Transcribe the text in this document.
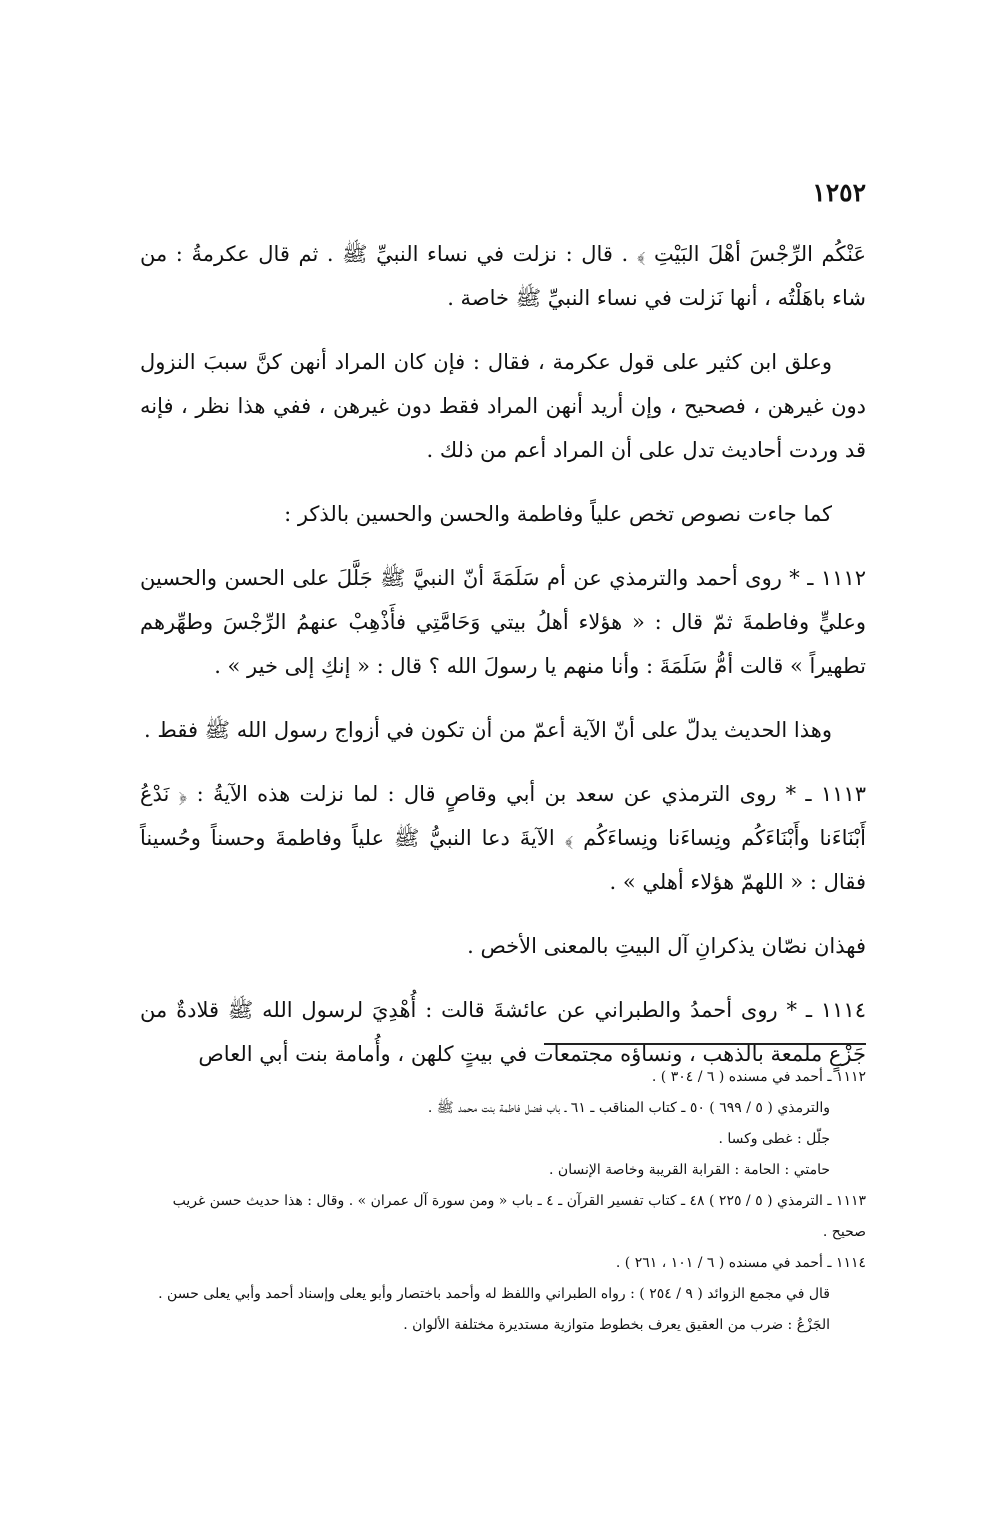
١٢٥٢

عَنْكُم الرِّجْسَ أهْلَ البَيْتِ ﴾ . قال : نزلت في نساء النبيِّ ﷺ . ثم قال عكرمةُ : من شاء باهَلْتُه ، أنها نَزلت في نساء النبيِّ ﷺ خاصة .

وعلق ابن كثير على قول عكرمة ، فقال : فإن كان المراد أنهن كنَّ سببَ النزول دون غيرهن ، فصحيح ، وإن أريد أنهن المراد فقط دون غيرهن ، ففي هذا نظر ، فإنه قد وردت أحاديث تدل على أن المراد أعم من ذلك .

كما جاءت نصوص تخص علياً وفاطمة والحسن والحسين بالذكر :

١١١٢ ـ * روى أحمد والترمذي عن أم سَلَمَةَ أنّ النبيَّ ﷺ جَلَّلَ على الحسن والحسين وعليٍّ وفاطمةَ ثمّ قال : « هؤلاء أهلُ بيتي وَحَامَّتِي فأَذْهِبْ عنهمُ الرِّجْسَ وطهِّرهم تطهيراً » قالت أمُّ سَلَمَةَ : وأنا منهم يا رسولَ الله ؟ قال : « إنكِ إلى خير » .

وهذا الحديث يدلّ على أنّ الآية أعمّ من أن تكون في أزواج رسول الله ﷺ فقط .

١١١٣ ـ * روى الترمذي عن سعد بن أبي وقاصٍ قال : لما نزلت هذه الآيةُ : ﴿ نَدْعُ أَبْنَاءَنا وأَبْنَاءَكُم ونِساءَنا ونِساءَكُم ﴾ الآيةَ دعا النبيُّ ﷺ علياً وفاطمةَ وحسناً وحُسيناً فقال : « اللهمّ هؤلاء أهلي » .

فهذان نصّان يذكرانِ آل البيتِ بالمعنى الأخص .

١١١٤ ـ * روى أحمدُ والطبراني عن عائشةَ قالت : أُهْدِيَ لرسول الله ﷺ قلادةٌ من جَزْعٍ ملمعة بالذهب ، ونساؤه مجتمعات في بيتٍ كلهن ، وأُمامة بنت أبي العاص

١١١٢ ـ أحمد في مسنده ( ٦ / ٣٠٤ ) .

والترمذي ( ٥ / ٦٩٩ ) ٥٠ ـ كتاب المناقب ـ ٦١ ـ باب فضل فاطمة بنت محمد ﷺ .

جلّل : غطى وكسا .

حامتي : الحامة : القرابة القريبة وخاصة الإنسان .

١١١٣ ـ الترمذي ( ٥ / ٢٢٥ ) ٤٨ ـ كتاب تفسير القرآن ـ ٤ ـ باب « ومن سورة آل عمران » . وقال : هذا حديث حسن غريب صحيح .

١١١٤ ـ أحمد في مسنده ( ٦ / ١٠١ ، ٢٦١ ) .

قال في مجمع الزوائد ( ٩ / ٢٥٤ ) : رواه الطبراني واللفظ له وأحمد باختصار وأبو يعلى وإسناد أحمد وأبي يعلى حسن .

الجَزْعُ : ضرب من العقيق يعرف بخطوط متوازية مستديرة مختلفة الألوان .
